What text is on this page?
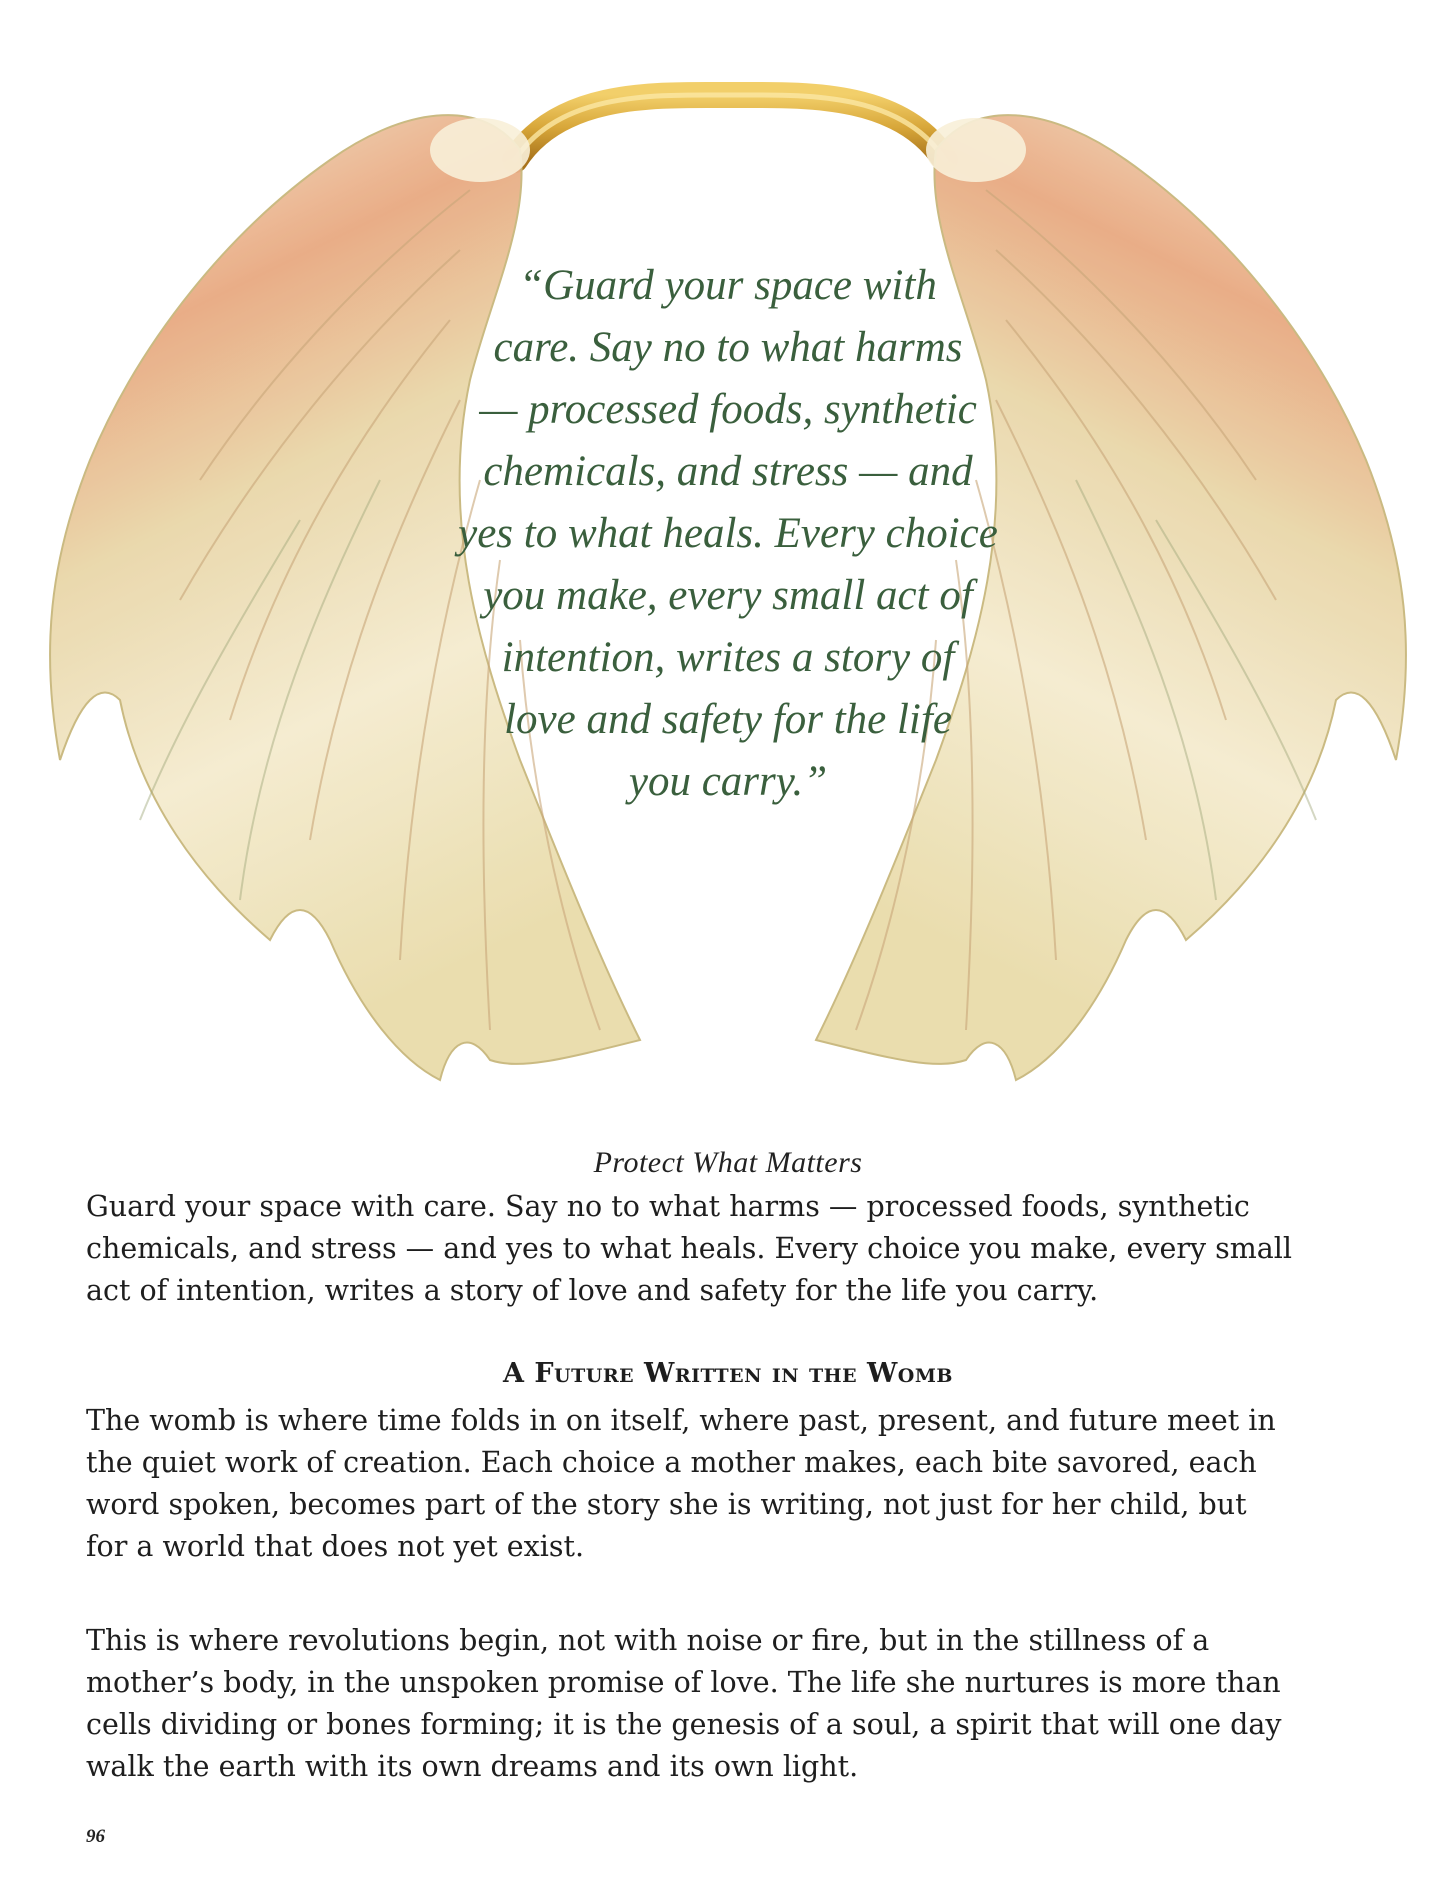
“Guard your space with
care. Say no to what harms
— processed foods, synthetic
chemicals, and stress — and
yes to what heals. Every choice
you make, every small act of
intention, writes a story of
love and safety for the life
you carry.”
Protect What Matters
Guard your space with care. Say no to what harms — processed foods, synthetic
chemicals, and stress — and yes to what heals. Every choice you make, every small
act of intention, writes a story of love and safety for the life you carry.
A Future Written in the Womb
The womb is where time folds in on itself, where past, present, and future meet in
the quiet work of creation. Each choice a mother makes, each bite savored, each
word spoken, becomes part of the story she is writing, not just for her child, but
for a world that does not yet exist.
This is where revolutions begin, not with noise or fire, but in the stillness of a
mother’s body, in the unspoken promise of love. The life she nurtures is more than
cells dividing or bones forming; it is the genesis of a soul, a spirit that will one day
walk the earth with its own dreams and its own light.
96
